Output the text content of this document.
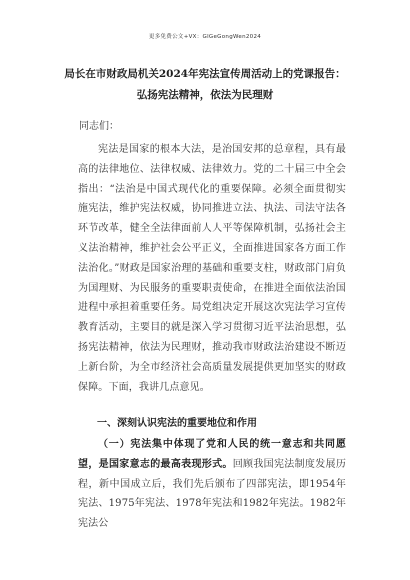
更多免费公文+VX：GlGeGongWen2024
局长在市财政局机关2024年宪法宣传周活动上的党课报告：
弘扬宪法精神，依法为民理财
同志们：

宪法是国家的根本大法，是治国安邦的总章程，具有最高的法律地位、法律权威、法律效力。党的二十届三中全会指出：“法治是中国式现代化的重要保障。必须全面贯彻实施宪法，维护宪法权威，协同推进立法、执法、司法守法各环节改革，健全全法律面前人人平等保障机制，弘扬社会主义法治精神，维护社会公平正义，全面推进国家各方面工作法治化。”财政是国家治理的基础和重要支柱，财政部门肩负为国理财、为民服务的重要职责使命，在推进全面依法治国进程中承担着重要任务。局党组决定开展这次宪法学习宣传教育活动，主要目的就是深入学习贯彻习近平法治思想，弘扬宪法精神，依法为民理财，推动我市财政法治建设不断迈上新台阶，为全市经济社会高质量发展提供更加坚实的财政保障。下面，我讲几点意见。

一、深刻认识宪法的重要地位和作用
（一）宪法集中体现了党和人民的统一意志和共同愿望，是国家意志的最高表现形式。回顾我国宪法制度发展历程，新中国成立后，我们先后颁布了四部宪法，即1954年宪法、1975年宪法、1978年宪法和1982年宪法。1982年宪法公
